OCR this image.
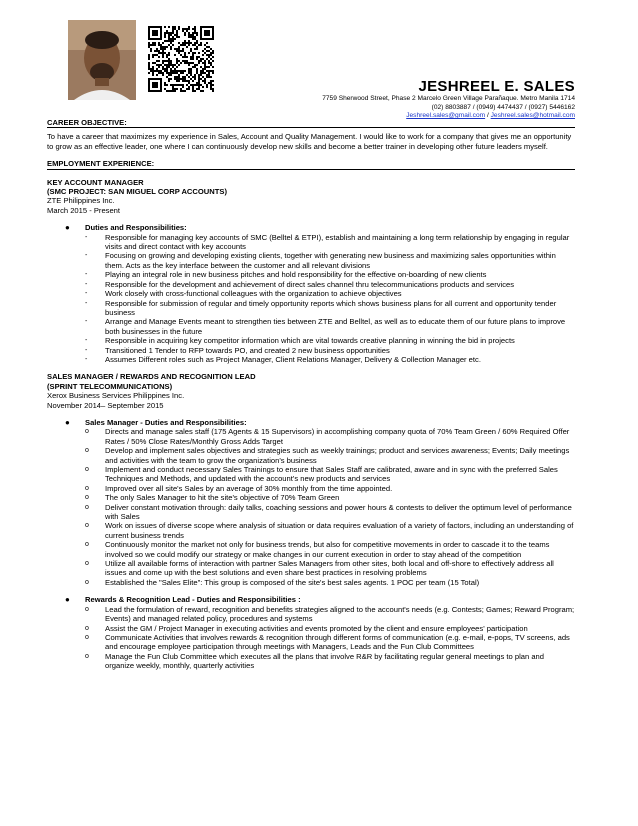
JESHREEL E. SALES
7759 Sherwood Street, Phase 2 Marcelo Green Village Parañaque. Metro Manila 1714
(02) 8803887 / (0949) 4474437 / (0927) 5446162
Jeshreel.sales@gmail.com / Jeshreel.sales@hotmail.com
CAREER OBJECTIVE:
To have a career that maximizes my experience in Sales, Account and Quality Management. I would like to work for a company that gives me an opportunity to grow as an effective leader, one where I can continuously develop new skills and become a better trainer in developing other future leaders myself.
EMPLOYMENT EXPERIENCE:
KEY ACCOUNT MANAGER
(SMC PROJECT: SAN MIGUEL CORP ACCOUNTS)
ZTE Philippines Inc.
March 2015 - Present
● Duties and Responsibilities:
- Responsible for managing key accounts of SMC (Belltel & ETPI), establish and maintaining a long term relationship by engaging in regular visits and direct contact with key accounts
- Focusing on growing and developing existing clients, together with generating new business and maximizing sales opportunities within them. Acts as the key interface between the customer and all relevant divisions
- Playing an integral role in new business pitches and hold responsibility for the effective on-boarding of new clients
- Responsible for the development and achievement of direct sales channel thru telecommunications products and services
- Work closely with cross-functional colleagues with the organization to achieve objectives
- Responsible for submission of regular and timely opportunity reports which shows business plans for all current and opportunity tender business
- Arrange and Manage Events meant to strengthen ties between ZTE and Belltel, as well as to educate them of our future plans to improve both businesses in the future
- Responsible in acquiring key competitor information which are vital towards creative planning in winning the bid in projects
- Transitioned 1 Tender to RFP towards PO, and created 2 new business opportunities
- Assumes Different roles such as Project Manager, Client Relations Manager, Delivery & Collection Manager etc.
SALES MANAGER / REWARDS AND RECOGNITION LEAD
(SPRINT TELECOMMUNICATIONS)
Xerox Business Services Philippines Inc.
November 2014– September 2015
● Sales Manager - Duties and Responsibilities:
o Directs and manage sales staff (175 Agents & 15 Supervisors) in accomplishing company quota of 70% Team Green / 60% Required Offer Rates / 50% Close Rates/Monthly Gross Adds Target
o Develop and implement sales objectives and strategies such as weekly trainings; product and services awareness; Events; Daily meetings and activities with the team to grow the organization's business
o Implement and conduct necessary Sales Trainings to ensure that Sales Staff are calibrated, aware and in sync with the preferred Sales Techniques and Methods, and updated with the account's new products and services
o Improved over all site's Sales by an average of 30% monthly from the time appointed.
o The only Sales Manager to hit the site's objective of 70% Team Green
o Deliver constant motivation through: daily talks, coaching sessions and power hours & contests to deliver the optimum level of performance with Sales
o Work on issues of diverse scope where analysis of situation or data requires evaluation of a variety of factors, including an understanding of current business trends
o Continuously monitor the market not only for business trends, but also for competitive movements in order to cascade it to the teams involved so we could modify our strategy or make changes in our current execution in order to stay ahead of the competition
o Utilize all available forms of interaction with partner Sales Managers from other sites, both local and off-shore to effectively address all issues and come up with the best solutions and even share best practices in resolving problems
o Established the "Sales Elite": This group is composed of the site's best sales agents. 1 POC per team (15 Total)
● Rewards & Recognition Lead - Duties and Responsibilities :
o Lead the formulation of reward, recognition and benefits strategies aligned to the account's needs (e.g. Contests; Games; Reward Program; Events) and managed related policy, procedures and systems
o Assist the GM / Project Manager in executing activities and events promoted by the client and ensure employees' participation
o Communicate Activities that involves rewards & recognition through different forms of communication (e.g. e-mail, e-pops, TV screens, ads and encourage employee participation through meetings with Managers, Leads and the Fun Club Committees
o Manage the Fun Club Committee which executes all the plans that involve R&R by facilitating regular general meetings to plan and organize weekly, monthly, quarterly activities
